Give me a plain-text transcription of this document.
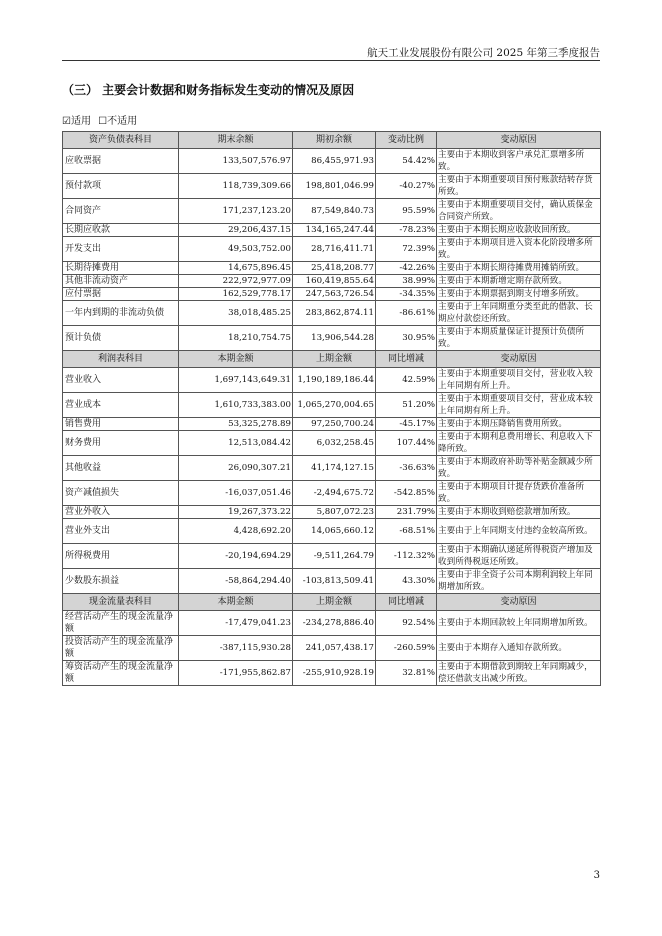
航天工业发展股份有限公司 2025 年第三季度报告
（三） 主要会计数据和财务指标发生变动的情况及原因
☑适用 ☐不适用
资产负债表科目	期末余额	期初余额	变动比例	变动原因
应收票据	133,507,576.97	86,455,971.93	54.42%	主要由于本期收到客户承兑汇票增多所致。
预付款项	118,739,309.66	198,801,046.99	-40.27%	主要由于本期重要项目预付账款结转存货所致。
合同资产	171,237,123.20	87,549,840.73	95.59%	主要由于本期重要项目交付，确认质保金合同资产所致。
长期应收款	29,206,437.15	134,165,247.44	-78.23%	主要由于本期长期应收款收回所致。
开发支出	49,503,752.00	28,716,411.71	72.39%	主要由于本期项目进入资本化阶段增多所致。
长期待摊费用	14,675,896.45	25,418,208.77	-42.26%	主要由于本期长期待摊费用摊销所致。
其他非流动资产	222,972,977.09	160,419,855.64	38.99%	主要由于本期新增定期存款所致。
应付票据	162,529,778.17	247,563,726.54	-34.35%	主要由于本期票据到期支付增多所致。
一年内到期的非流动负债	38,018,485.25	283,862,874.11	-86.61%	主要由于上年同期重分类至此的借款、长期应付款偿还所致。
预计负债	18,210,754.75	13,906,544.28	30.95%	主要由于本期质量保证计提预计负债所致。
利润表科目	本期金额	上期金额	同比增减	变动原因
营业收入	1,697,143,649.31	1,190,189,186.44	42.59%	主要由于本期重要项目交付，营业收入较上年同期有所上升。
营业成本	1,610,733,383.00	1,065,270,004.65	51.20%	主要由于本期重要项目交付，营业成本较上年同期有所上升。
销售费用	53,325,278.89	97,250,700.24	-45.17%	主要由于本期压降销售费用所致。
财务费用	12,513,084.42	6,032,258.45	107.44%	主要由于本期利息费用增长、利息收入下降所致。
其他收益	26,090,307.21	41,174,127.15	-36.63%	主要由于本期政府补助等补贴金额减少所致。
资产减值损失	-16,037,051.46	-2,494,675.72	-542.85%	主要由于本期项目计提存货跌价准备所致。
营业外收入	19,267,373.22	5,807,072.23	231.79%	主要由于本期收到赔偿款增加所致。
营业外支出	4,428,692.20	14,065,660.12	-68.51%	主要由于上年同期支付违约金较高所致。
所得税费用	-20,194,694.29	-9,511,264.79	-112.32%	主要由于本期确认递延所得税资产增加及收到所得税返还所致。
少数股东损益	-58,864,294.40	-103,813,509.41	43.30%	主要由于非全资子公司本期利润较上年同期增加所致。
现金流量表科目	本期金额	上期金额	同比增减	变动原因
经营活动产生的现金流量净额	-17,479,041.23	-234,278,886.40	92.54%	主要由于本期回款较上年同期增加所致。
投资活动产生的现金流量净额	-387,115,930.28	241,057,438.17	-260.59%	主要由于本期存入通知存款所致。
筹资活动产生的现金流量净额	-171,955,862.87	-255,910,928.19	32.81%	主要由于本期借款到期较上年同期减少，偿还借款支出减少所致。
3
